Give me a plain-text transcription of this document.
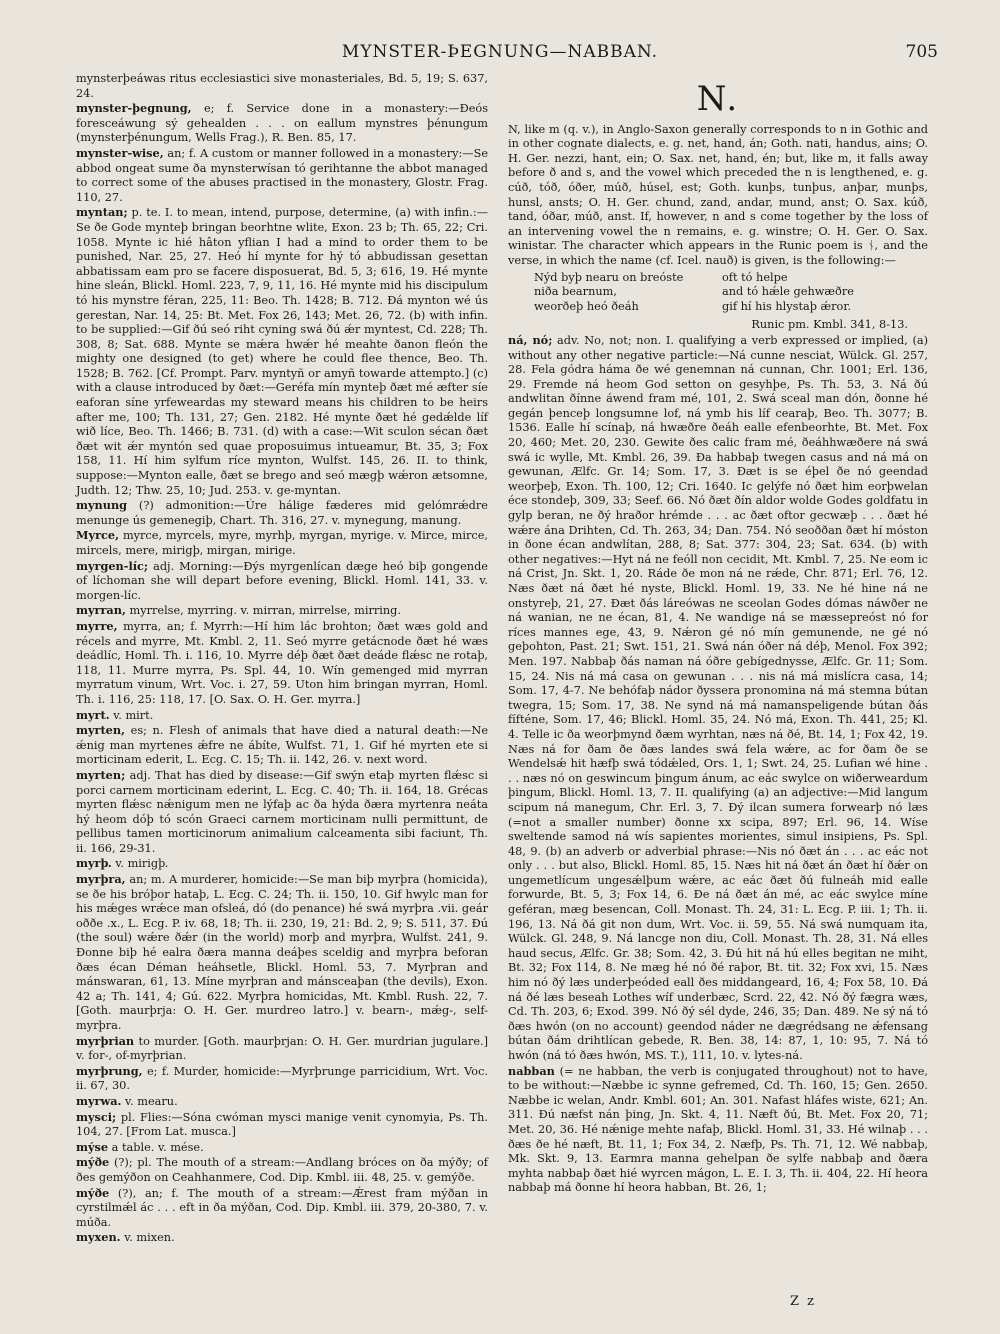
MYNSTER-ÞEGNUNG—NABBAN.	705
mynsterþeáwas ritus ecclesiastici sive monasteriales, Bd. 5, 19; S. 637, 24.
mynster-þegnung, e; f. Service done in a monastery:—Ðeós foresceáwung sý gehealden . . . on eallum mynstres þénungum (mynsterþénungum, Wells Frag.), R. Ben. 85, 17.
mynster-wise, an; f. A custom or manner followed in a monastery:—Se abbod ongeat sume ða mynsterwísan tó gerihtanne the abbot managed to correct some of the abuses practised in the monastery, Glostr. Frag. 110, 27.
myntan; p. te. I. to mean, intend, purpose, determine, (a) with infin.:—Se ðe Gode mynteþ bringan beorhtne wlite, Exon. 23 b; Th. 65, 22; Cri. 1058. Mynte ic hié hâton yflian I had a mind to order them to be punished, Nar. 25, 27. Heó hí mynte for hý tó abbudissan gesettan abbatissam eam pro se facere disposuerat, Bd. 5, 3; 616, 19. Hé mynte hine sleán, Blickl. Homl. 223, 7, 9, 11, 16. Hé mynte mid his discipulum tó his mynstre féran, 225, 11: Beo. Th. 1428; B. 712. Ðá mynton wé ús gerestan, Nar. 14, 25: Bt. Met. Fox 26, 143; Met. 26, 72. (b) with infin. to be supplied:—Gif ðú seó riht cyning swá ðú ǽr myntest, Cd. 228; Th. 308, 8; Sat. 688. Mynte se mǽra hwǽr hé meahte ðanon fleón the mighty one designed (to get) where he could flee thence, Beo. Th. 1528; B. 762. [Cf. Prompt. Parv. myntyñ or amyñ towarde attempto.] (c) with a clause introduced by ðæt:—Geréfa mín mynteþ ðæt mé æfter síe eaforan síne yrfeweardas my steward means his children to be heirs after me, 100; Th. 131, 27; Gen. 2182. Hé mynte ðæt hé gedǽlde líf wið líce, Beo. Th. 1466; B. 731. (d) with a case:—Wit sculon sécan ðæt ðæt wit ǽr myntón sed quae proposuimus intueamur, Bt. 35, 3; Fox 158, 11. Hí him sylfum ríce mynton, Wulfst. 145, 26. II. to think, suppose:—Mynton ealle, ðæt se brego and seó mægþ wǽron ætsomne, Judth. 12; Thw. 25, 10; Jud. 253. v. ge-myntan.
mynung (?) admonition:—Úre hálige fæderes mid gelómrǽdre menunge ús gemenegiþ, Chart. Th. 316, 27. v. mynegung, manung.
Myrce, myrce, myrcels, myre, myrhþ, myrgan, myrige. v. Mirce, mirce, mircels, mere, mirigþ, mirgan, mirige.
myrgen-líc; adj. Morning:—Ðýs myrgenlícan dæge heó biþ gongende of líchoman she will depart before evening, Blickl. Homl. 141, 33. v. morgen-líc.
myrran, myrrelse, myrring. v. mirran, mirrelse, mirring.
myrre, myrra, an; f. Myrrh:—Hí him lác brohton; ðæt wæs gold and récels and myrre, Mt. Kmbl. 2, 11. Seó myrre getácnode ðæt hé wæs deádlíc, Homl. Th. i. 116, 10. Myrre déþ ðæt ðæt deáde flǽsc ne rotaþ, 118, 11. Murre myrra, Ps. Spl. 44, 10. Wín gemenged mid myrran myrratum vinum, Wrt. Voc. i. 27, 59. Uton him bringan myrran, Homl. Th. i. 116, 25: 118, 17. [O. Sax. O. H. Ger. myrra.]
myrt. v. mirt.
myrten, es; n. Flesh of animals that have died a natural death:—Ne ǽnig man myrtenes ǽfre ne ábíte, Wulfst. 71, 1. Gif hé myrten ete si morticinam ederit, L. Ecg. C. 15; Th. ii. 142, 26. v. next word.
myrten; adj. That has died by disease:—Gif swýn etaþ myrten flǽsc si porci carnem morticinam ederint, L. Ecg. C. 40; Th. ii. 164, 18. Grécas myrten flǽsc nǽnigum men ne lýfaþ ac ða hýda ðæra myrtenra neáta hý heom dóþ tó scón Graeci carnem morticinam nulli permittunt, de pellibus tamen morticinorum animalium calceamenta sibi faciunt, Th. ii. 166, 29-31.
myrþ. v. mirigþ.
myrþra, an; m. A murderer, homicide:—Se man biþ myrþra (homicida), se ðe his bróþor hataþ, L. Ecg. C. 24; Th. ii. 150, 10. Gif hwylc man for his mǽges wrǽce man ofsleá, dó (do penance) hé swá myrþra .vii. geár oððe .x., L. Ecg. P. iv. 68, 18; Th. ii. 230, 19, 21: Bd. 2, 9; S. 511, 37. Ðú (the soul) wǽre ðǽr (in the world) morþ and myrþra, Wulfst. 241, 9. Ðonne biþ hé ealra ðæra manna deáþes sceldig and myrþra beforan ðæs écan Déman heáhsetle, Blickl. Homl. 53, 7. Myrþran and mánswaran, 61, 13. Míne myrþran and mánsceaþan (the devils), Exon. 42 a; Th. 141, 4; Gú. 622. Myrþra homicidas, Mt. Kmbl. Rush. 22, 7. [Goth. maurþrja: O. H. Ger. murdreo latro.] v. bearn-, mǽg-, self-myrþra.
myrþrian to murder. [Goth. maurþrjan: O. H. Ger. murdrian jugulare.] v. for-, of-myrþrian.
myrþrung, e; f. Murder, homicide:—Myrþrunge parricidium, Wrt. Voc. ii. 67, 30.
myrwa. v. mearu.
mysci; pl. Flies:—Sóna cwóman mysci manige venit cynomyia, Ps. Th. 104, 27. [From Lat. musca.]
mýse a table. v. mése.
mýðe (?); pl. The mouth of a stream:—Andlang bróces on ða mýðy; of ðes gemýðon on Ceahhanmere, Cod. Dip. Kmbl. iii. 48, 25. v. gemýðe.
mýðe (?), an; f. The mouth of a stream:—Ǽrest fram mýðan in cyrstilmǽl ác . . . eft in ða mýðan, Cod. Dip. Kmbl. iii. 379, 20-380, 7. v. múða.
myxen. v. mixen.
N.
N, like m (q. v.), in Anglo-Saxon generally corresponds to n in Gothic and in other cognate dialects, e. g. net, hand, án; Goth. nati, handus, ains; O. H. Ger. nezzi, hant, ein; O. Sax. net, hand, én; but, like m, it falls away before ð and s, and the vowel which preceded the n is lengthened, e. g. cúð, tóð, óðer, múð, húsel, est; Goth. kunþs, tunþus, anþar, munþs, hunsl, ansts; O. H. Ger. chund, zand, andar, mund, anst; O. Sax. kúð, tand, óðar, múð, anst. If, however, n and s come together by the loss of an intervening vowel the n remains, e. g. winstre; O. H. Ger. O. Sax. winistar. The character which appears in the Runic poem is ᚾ, and the verse, in which the name (cf. Icel. nauð) is given, is the following:—
Nýd byþ nearu on breóste	oft tó helpe
niða bearnum,	and tó hǽle gehwæðre
weorðeþ heó ðeáh	gif hí his hlystaþ ǽror.
Runic pm. Kmbl. 341, 8-13.
ná, nó; adv. No, not; non. I. qualifying a verb expressed or implied, (a) without any other negative particle:—Ná cunne nesciat, Wülck. Gl. 257, 28. Fela gódra háma ðe wé genemnan ná cunnan, Chr. 1001; Erl. 136, 29. Fremde ná heom God setton on gesyhþe, Ps. Th. 53, 3. Ná ðú andwlitan ðínne áwend fram mé, 101, 2. Swá sceal man dón, ðonne hé gegán þenceþ longsumne lof, ná ymb his líf cearaþ, Beo. Th. 3077; B. 1536. Ealle hí scínaþ, ná hwæðre ðeáh ealle efenbeorhte, Bt. Met. Fox 20, 460; Met. 20, 230. Gewite ðes calic fram mé, ðeáhhwæðere ná swá swá ic wylle, Mt. Kmbl. 26, 39. Ða habbaþ twegen casus and ná má on gewunan, Ælfc. Gr. 14; Som. 17, 3. Ðæt is se éþel ðe nó geendad weorþeþ, Exon. Th. 100, 12; Cri. 1640. Ic gelýfe nó ðæt him eorþwelan éce stondeþ, 309, 33; Seef. 66. Nó ðæt ðín aldor wolde Godes goldfatu in gylp beran, ne ðý hraðor hrémde . . . ac ðæt oftor gecwæþ . . . ðæt hé wǽre ána Drihten, Cd. Th. 263, 34; Dan. 754. Nó seoððan ðæt hí móston in ðone écan andwlítan, 288, 8; Sat. 377: 304, 23; Sat. 634. (b) with other negatives:—Hyt ná ne feóll non cecidit, Mt. Kmbl. 7, 25. Ne eom ic ná Crist, Jn. Skt. 1, 20. Ráde ðe mon ná ne rǽde, Chr. 871; Erl. 76, 12. Næs ðæt ná ðæt hé nyste, Blickl. Homl. 19, 33. Ne hé hine ná ne onstyreþ, 21, 27. Ðæt ðás láreówas ne sceolan Godes dómas náwðer ne ná wanian, ne ne écan, 81, 4. Ne wandige ná se mæssepreóst nó for ríces mannes ege, 43, 9. Nǽron gé nó mín gemunende, ne gé nó geþohton, Past. 21; Swt. 151, 21. Swá nán óðer ná déþ, Menol. Fox 392; Men. 197. Nabbaþ ðás naman ná óðre gebígednysse, Ælfc. Gr. 11; Som. 15, 24. Nis ná má casa on gewunan . . . nis ná má mislícra casa, 14; Som. 17, 4-7. Ne behófaþ nádor ðyssera pronomina ná má stemna bútan twegra, 15; Som. 17, 38. Ne synd ná má namanspeligende bútan ðás fífténe, Som. 17, 46; Blickl. Homl. 35, 24. Nó má, Exon. Th. 441, 25; Kl. 4. Telle ic ða weorþmynd ðæm wyrhtan, næs ná ðé, Bt. 14, 1; Fox 42, 19. Næs ná for ðam ðe ðæs landes swá fela wǽre, ac for ðam ðe se Wendelsǽ hit hæfþ swá tódǽled, Ors. 1, 1; Swt. 24, 25. Lufian wé hine . . . næs nó on geswincum þingum ánum, ac eác swylce on wiðerweardum þingum, Blickl. Homl. 13, 7. II. qualifying (a) an adjective:—Mid langum scipum ná manegum, Chr. Erl. 3, 7. Ðý ilcan sumera forwearþ nó læs (=not a smaller number) ðonne xx scipa, 897; Erl. 96, 14. Wíse sweltende samod ná wís sapientes morientes, simul insipiens, Ps. Spl. 48, 9. (b) an adverb or adverbial phrase:—Nis nó ðæt án . . . ac eác not only . . . but also, Blickl. Homl. 85, 15. Næs hit ná ðæt án ðæt hí ðǽr on ungemetlícum ungesǽlþum wǽre, ac eác ðæt ðú fulneáh mid ealle forwurde, Bt. 5, 3; Fox 14, 6. Ðe ná ðæt án mé, ac eác swylce míne geféran, mæg besencan, Coll. Monast. Th. 24, 31: L. Ecg. P. iii. 1; Th. ii. 196, 13. Ná ðá git non dum, Wrt. Voc. ii. 59, 55. Ná swá numquam ita, Wülck. Gl. 248, 9. Ná lancge non diu, Coll. Monast. Th. 28, 31. Ná elles haud secus, Ælfc. Gr. 38; Som. 42, 3. Ðú hit ná hú elles begitan ne miht, Bt. 32; Fox 114, 8. Ne mæg hé nó ðé raþor, Bt. tit. 32; Fox xvi, 15. Næs him nó ðý læs underþeóded eall ðes middangeard, 16, 4; Fox 58, 10. Ðá ná ðé læs beseah Lothes wíf underbæc, Scrd. 22, 42. Nó ðý fægra wæs, Cd. Th. 203, 6; Exod. 399. Nó ðý sél dyde, 246, 35; Dan. 489. Ne sý ná tó ðæs hwón (on no account) geendod náder ne dægrédsang ne ǽfensang bútan ðám drihtlícan gebede, R. Ben. 38, 14: 87, 1, 10: 95, 7. Ná tó hwón (ná tó ðæs hwón, MS. T.), 111, 10. v. lytes-ná.
nabban (= ne habban, the verb is conjugated throughout) not to have, to be without:—Næbbe ic synne gefremed, Cd. Th. 160, 15; Gen. 2650. Næbbe ic welan, Andr. Kmbl. 601; An. 301. Nafast hláfes wiste, 621; An. 311. Ðú næfst nán þing, Jn. Skt. 4, 11. Næft ðú, Bt. Met. Fox 20, 71; Met. 20, 36. Hé nǽnige mehte nafaþ, Blickl. Homl. 31, 33. Hé wilnaþ . . . ðæs ðe hé næft, Bt. 11, 1; Fox 34, 2. Næfþ, Ps. Th. 71, 12. Wé nabbaþ, Mk. Skt. 9, 13. Earmra manna gehelpan ðe sylfe nabbaþ and ðæra myhta nabbaþ ðæt hié wyrcen mágon, L. E. I. 3, Th. ii. 404, 22. Hí heora nabbaþ má ðonne hí heora habban, Bt. 26, 1;
Z z
